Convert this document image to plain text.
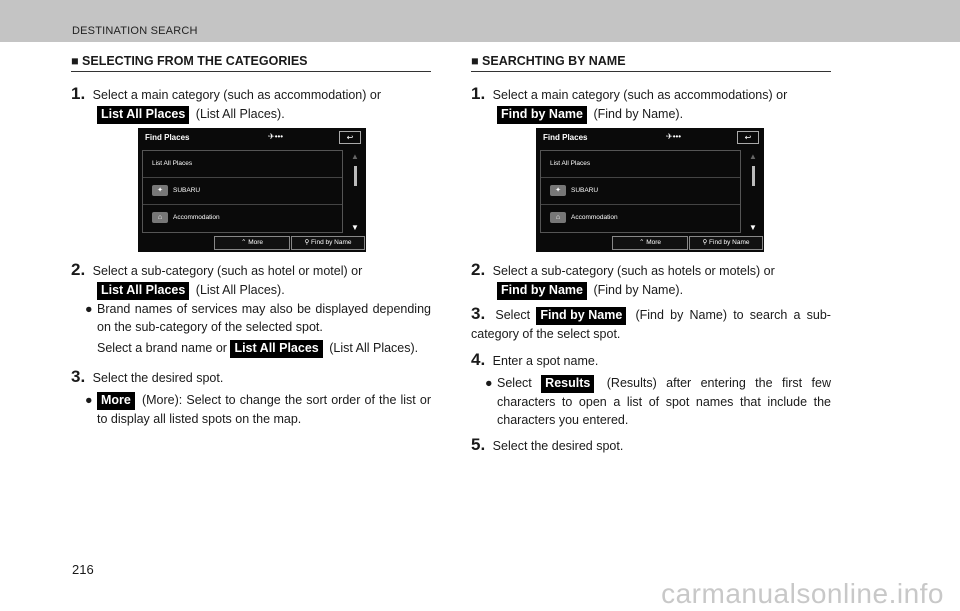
DESTINATION SEARCH
■ SELECTING FROM THE CATEGORIES
1. Select a main category (such as accommodation) or
List All Places (List All Places).
Find Places	✈•••	↩
List All Places
✦ SUBARU
⌂ Accommodation
▲
▼
⌃ More	⚲ Find by Name
2. Select a sub-category (such as hotel or motel) or
List All Places (List All Places).
● Brand names of services may also be displayed depending on the sub-category of the selected spot.
Select a brand name or List All Places (List All Places).
3. Select the desired spot.
● More (More): Select to change the sort order of the list or to display all listed spots on the map.
■ SEARCHTING BY NAME
1. Select a main category (such as accommodations) or
Find by Name (Find by Name).
Find Places	✈•••	↩
List All Places
✦ SUBARU
⌂ Accommodation
▲
▼
⌃ More	⚲ Find by Name
2. Select a sub-category (such as hotels or motels) or
Find by Name (Find by Name).
3. Select Find by Name (Find by Name) to search a sub-category of the select spot.
4. Enter a spot name.
● Select Results (Results) after entering the first few characters to open a list of spot names that include the characters you entered.
5. Select the desired spot.
216
carmanualsonline.info
